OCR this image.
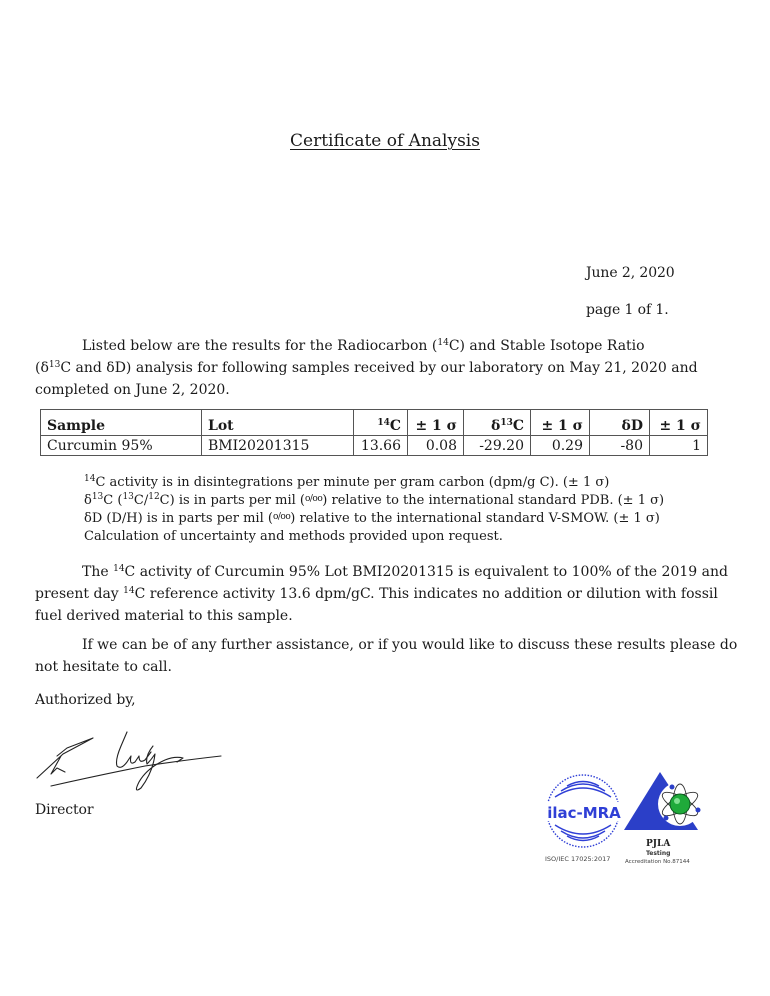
Certificate of Analysis
June 2, 2020
page 1 of 1.
Listed below are the results for the Radiocarbon ($^{14}$C) and Stable Isotope Ratio
($\delta^{13}C$ and δD) analysis for following samples received by our laboratory on May 21, 2020 and
completed on June 2, 2020.
Sample	Lot	$^{14}$C	± 1 σ	$\delta^{13}C$	± 1 σ	δD	± 1 σ
Curcumin 95%	BMI20201315	13.66	0.08	-29.20	0.29	-80	1
$^{14}$C activity is in disintegrations per minute per gram carbon (dpm/g C). (± 1 σ)
$\delta^{13}C$ ($^{13}$C/$^{12}$C) is in parts per mil ($^{o/oo}$) relative to the international standard PDB. (± 1 σ)
δD (D/H) is in parts per mil ($^{o/oo}$) relative to the international standard V-SMOW. (± 1 σ)
Calculation of uncertainty and methods provided upon request.
The $^{14}$C activity of Curcumin 95% Lot BMI20201315 is equivalent to 100% of the 2019 and
present day $^{14}$C reference activity 13.6 dpm/gC. This indicates no addition or dilution with fossil
fuel derived material to this sample.
If we can be of any further assistance, or if you would like to discuss these results please do
not hesitate to call.
Authorized by,
Director	ilac-MRA
ISO/IEC 17025:2017
PJLA
Testing
Accreditation No.87144
